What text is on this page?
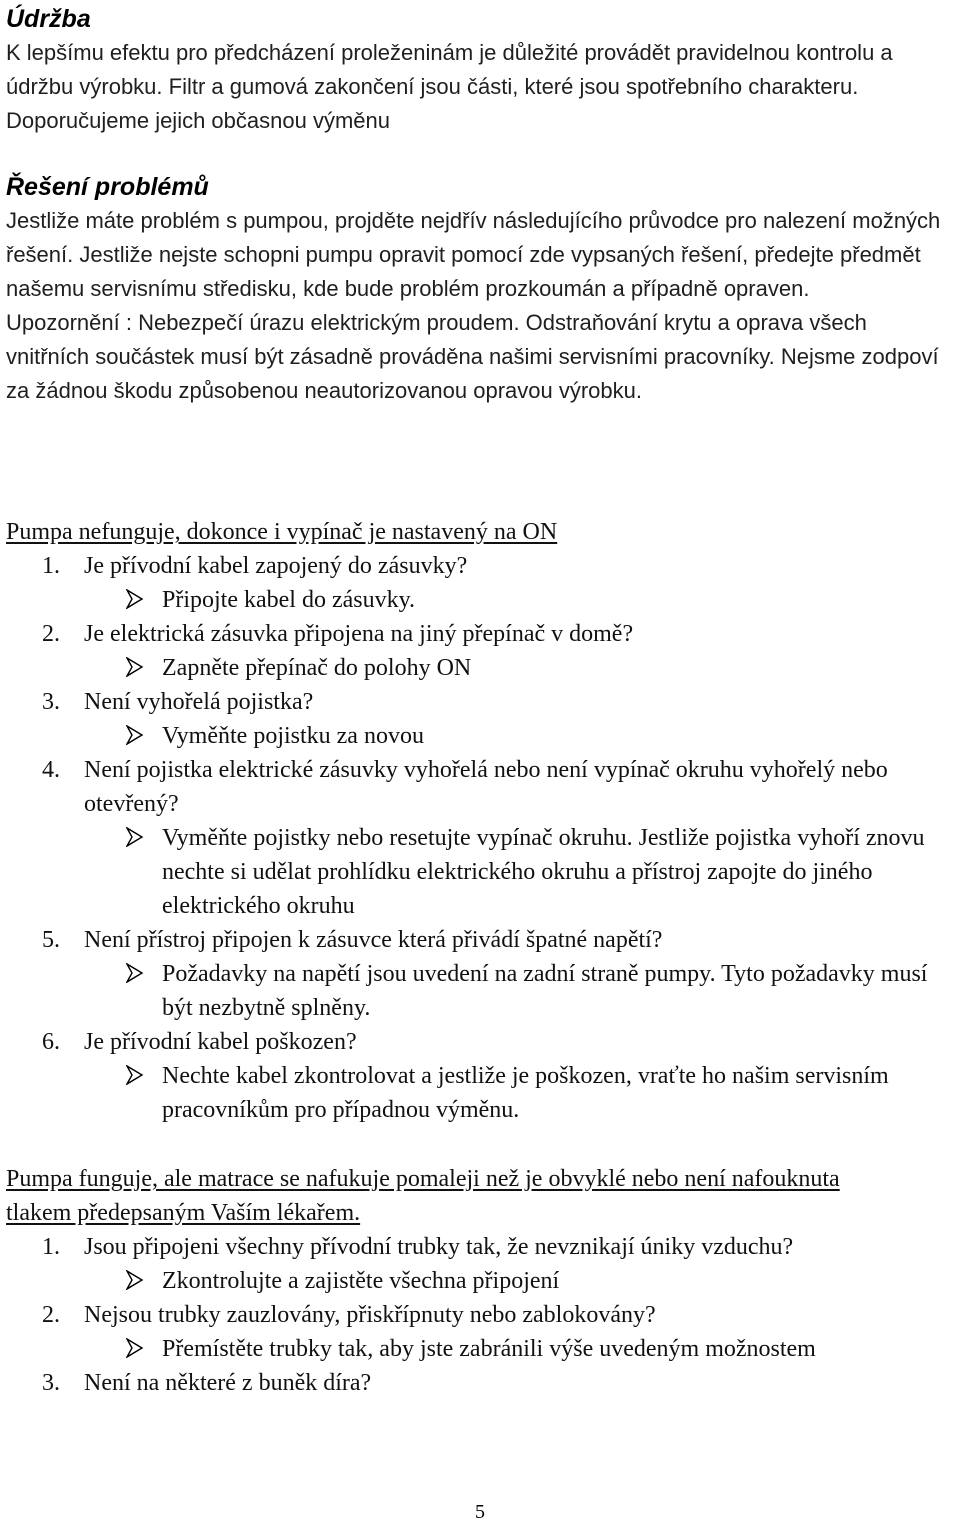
Údržba

K lepšímu efektu pro předcházení proleženinám je důležité provádět pravidelnou kontrolu a údržbu výrobku. Filtr a gumová zakončení jsou části, které jsou spotřebního charakteru. Doporučujeme jejich občasnou výměnu

Řešení problémů

Jestliže máte problém s pumpou, projděte nejdřív následujícího průvodce pro nalezení možných řešení. Jestliže nejste schopni pumpu opravit pomocí zde vypsaných řešení, předejte předmět našemu servisnímu středisku, kde bude problém prozkoumán a případně opraven.

Upozornění : Nebezpečí úrazu elektrickým proudem. Odstraňování krytu a oprava všech vnitřních součástek musí být zásadně prováděna našimi servisními pracovníky. Nejsme zodpoví za žádnou škodu způsobenou neautorizovanou opravou výrobku.

Pumpa nefunguje, dokonce i vypínač je nastavený na ON

1.	Je přívodní kabel zapojený do zásuvky?
Připojte kabel do zásuvky.
2.	Je elektrická zásuvka připojena na jiný přepínač v domě?
Zapněte přepínač do polohy ON
3.	Není vyhořelá pojistka?
Vyměňte pojistku za novou
4.	Není pojistka elektrické zásuvky vyhořelá nebo není vypínač okruhu vyhořelý nebo otevřený?
Vyměňte pojistky nebo resetujte vypínač okruhu. Jestliže pojistka vyhoří znovu nechte si udělat prohlídku elektrického okruhu a přístroj zapojte do jiného elektrického okruhu
5.	Není přístroj připojen k zásuvce která přivádí špatné napětí?
Požadavky na napětí jsou uvedení na zadní straně pumpy. Tyto požadavky musí být nezbytně splněny.
6.	Je přívodní kabel poškozen?
Nechte kabel zkontrolovat a jestliže je poškozen, vraťte ho našim servisním pracovníkům pro případnou výměnu.

Pumpa funguje, ale matrace se nafukuje pomaleji než je obvyklé nebo není nafouknuta tlakem předepsaným Vaším lékařem.

1.	Jsou připojeni všechny přívodní trubky tak, že nevznikají úniky vzduchu?
Zkontrolujte a zajistěte všechna připojení
2.	Nejsou trubky zauzlovány, přiskřípnuty nebo zablokovány?
Přemístěte trubky tak, aby jste zabránili výše uvedeným možnostem
3.	Není na některé z buněk díra?
5
